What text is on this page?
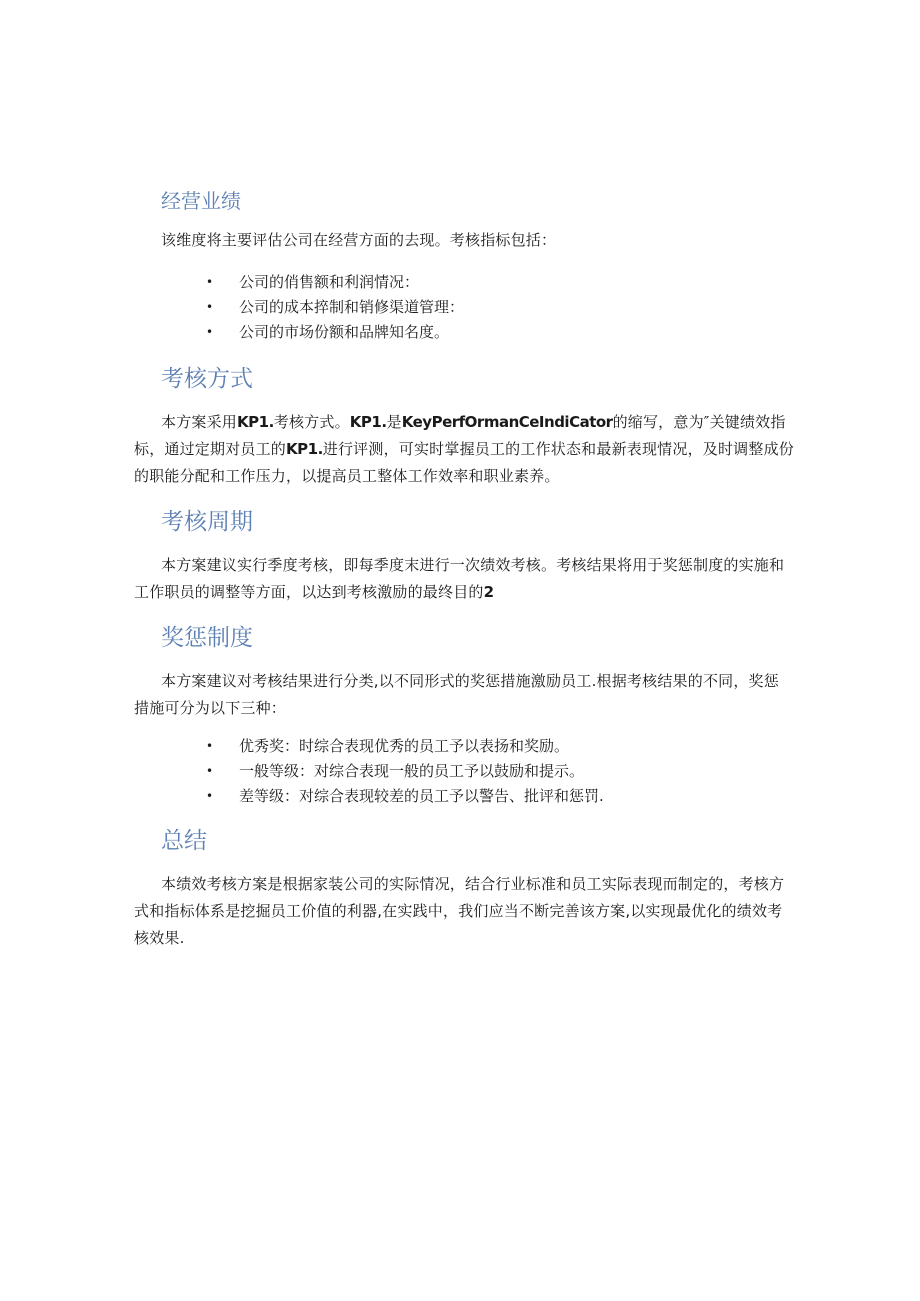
经营业绩

该维度将主要评估公司在经营方面的去现。考核指标包括：

• 公司的俏售额和利润情况：
• 公司的成本捽制和销修渠道管理：
• 公司的市场份额和品牌知名度。
考核方式

本方案采用KP1.考核方式。KP1.是KeyPerfOrmanCeIndiCator的缩写，意为″关键绩效指标，通过定期对员工的KP1.进行评测，可实时掌握员工的工作状态和最新表现情况，及时调整成份的职能分配和工作压力，以提高员工整体工作效率和职业素养。

考核周期

本方案建议实行季度考核，即每季度末进行一次绩效考核。考核结果将用于奖惩制度的实施和工作职员的调整等方面，以达到考核激励的最终目的2

奖惩制度

本方案建议对考核结果进行分类,以不同形式的奖惩措施激励员工.根据考核结果的不同，奖惩措施可分为以下三种：

• 优秀奖：时综合表现优秀的员工予以表扬和奖励。
• 一般等级：对综合表现一般的员工予以鼓励和提示。
• 差等级：对综合表现较差的员工予以警告、批评和惩罚.
总结

本绩效考核方案是根据家装公司的实际情况，结合行业标准和员工实际表现而制定的，考核方式和指标体系是挖掘员工价值的利器,在实践中，我们应当不断完善该方案,以实现最优化的绩效考核效果.
